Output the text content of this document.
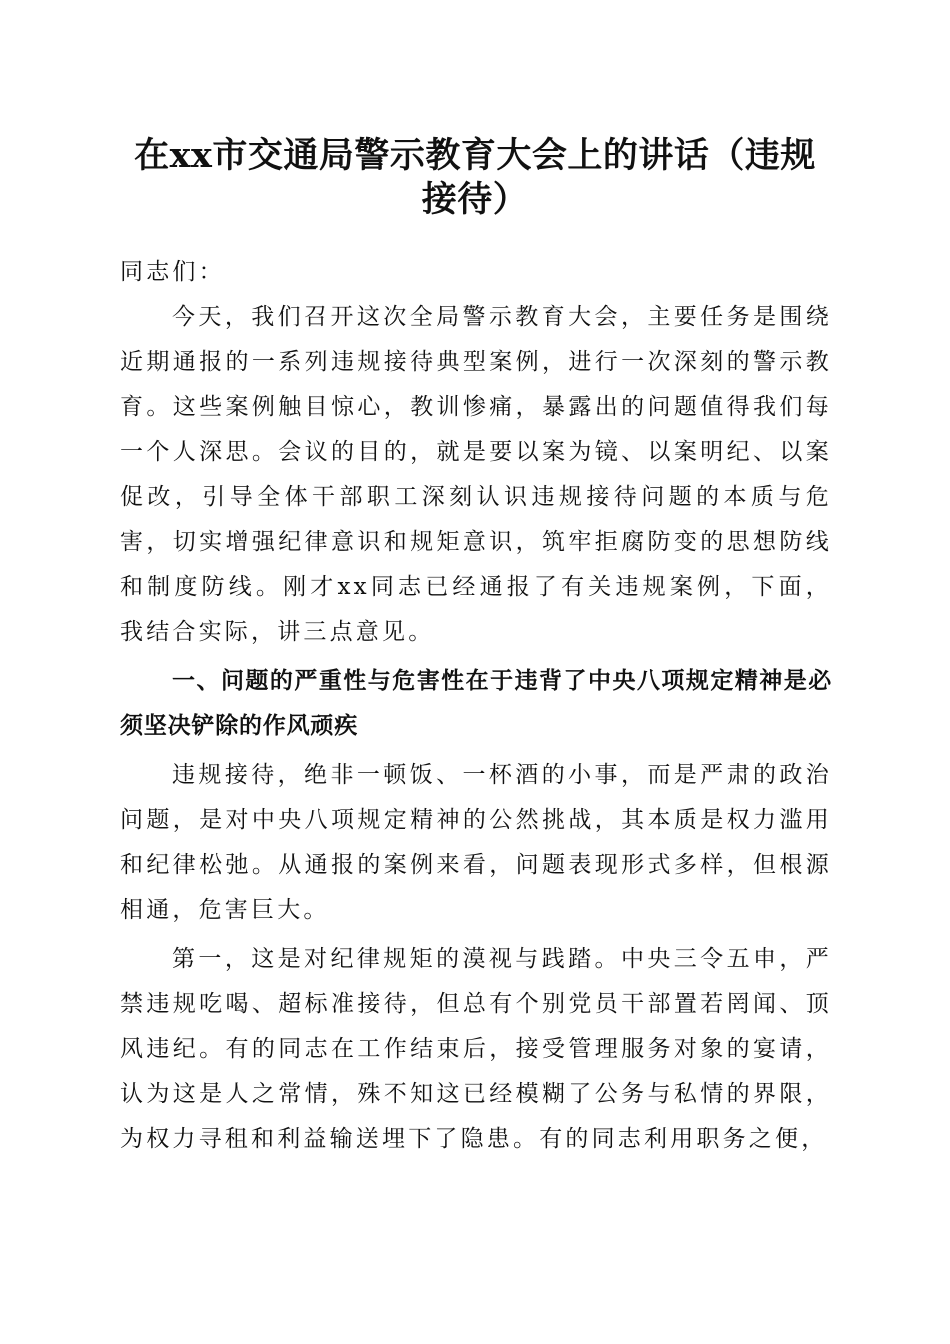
在xx市交通局警示教育大会上的讲话（违规接待）

同志们：

今天，我们召开这次全局警示教育大会，主要任务是围绕近期通报的一系列违规接待典型案例，进行一次深刻的警示教育。这些案例触目惊心，教训惨痛，暴露出的问题值得我们每一个人深思。会议的目的，就是要以案为镜、以案明纪、以案促改，引导全体干部职工深刻认识违规接待问题的本质与危害，切实增强纪律意识和规矩意识，筑牢拒腐防变的思想防线和制度防线。刚才xx同志已经通报了有关违规案例，下面，我结合实际，讲三点意见。

一、问题的严重性与危害性在于违背了中央八项规定精神是必须坚决铲除的作风顽疾

违规接待，绝非一顿饭、一杯酒的小事，而是严肃的政治问题，是对中央八项规定精神的公然挑战，其本质是权力滥用和纪律松弛。从通报的案例来看，问题表现形式多样，但根源相通，危害巨大。

第一，这是对纪律规矩的漠视与践踏。中央三令五申，严禁违规吃喝、超标准接待，但总有个别党员干部置若罔闻、顶风违纪。有的同志在工作结束后，接受管理服务对象的宴请，认为这是人之常情，殊不知这已经模糊了公务与私情的界限，为权力寻租和利益输送埋下了隐患。有的同志利用职务之便，
